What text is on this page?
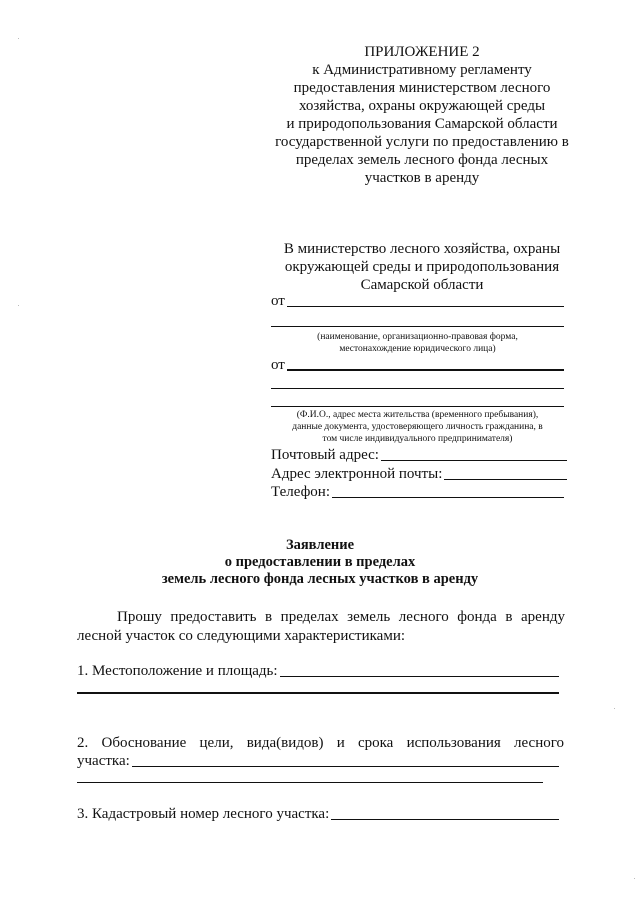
ПРИЛОЖЕНИЕ 2
к Административному регламенту
предоставления министерством лесного
хозяйства, охраны окружающей среды
и природопользования Самарской области
государственной услуги по предоставлению в
пределах земель лесного фонда лесных
участков в аренду
В министерство лесного хозяйства, охраны
окружающей среды и природопользования
Самарской области
от
(наименование, организационно-правовая форма,
местонахождение юридического лица)
от
(Ф.И.О., адрес места жительства (временного пребывания),
данные документа, удостоверяющего личность гражданина, в
том числе индивидуального предпринимателя)
Почтовый адрес:
Адрес электронной почты:
Телефон:
Заявление
о предоставлении в пределах
земель лесного фонда лесных участков в аренду
Прошу предоставить в пределах земель лесного фонда в аренду
лесной участок со следующими характеристиками:
1. Местоположение и площадь:
2. Обоснование цели, вида(видов) и срока использования лесного
участка:
3. Кадастровый номер лесного участка:
